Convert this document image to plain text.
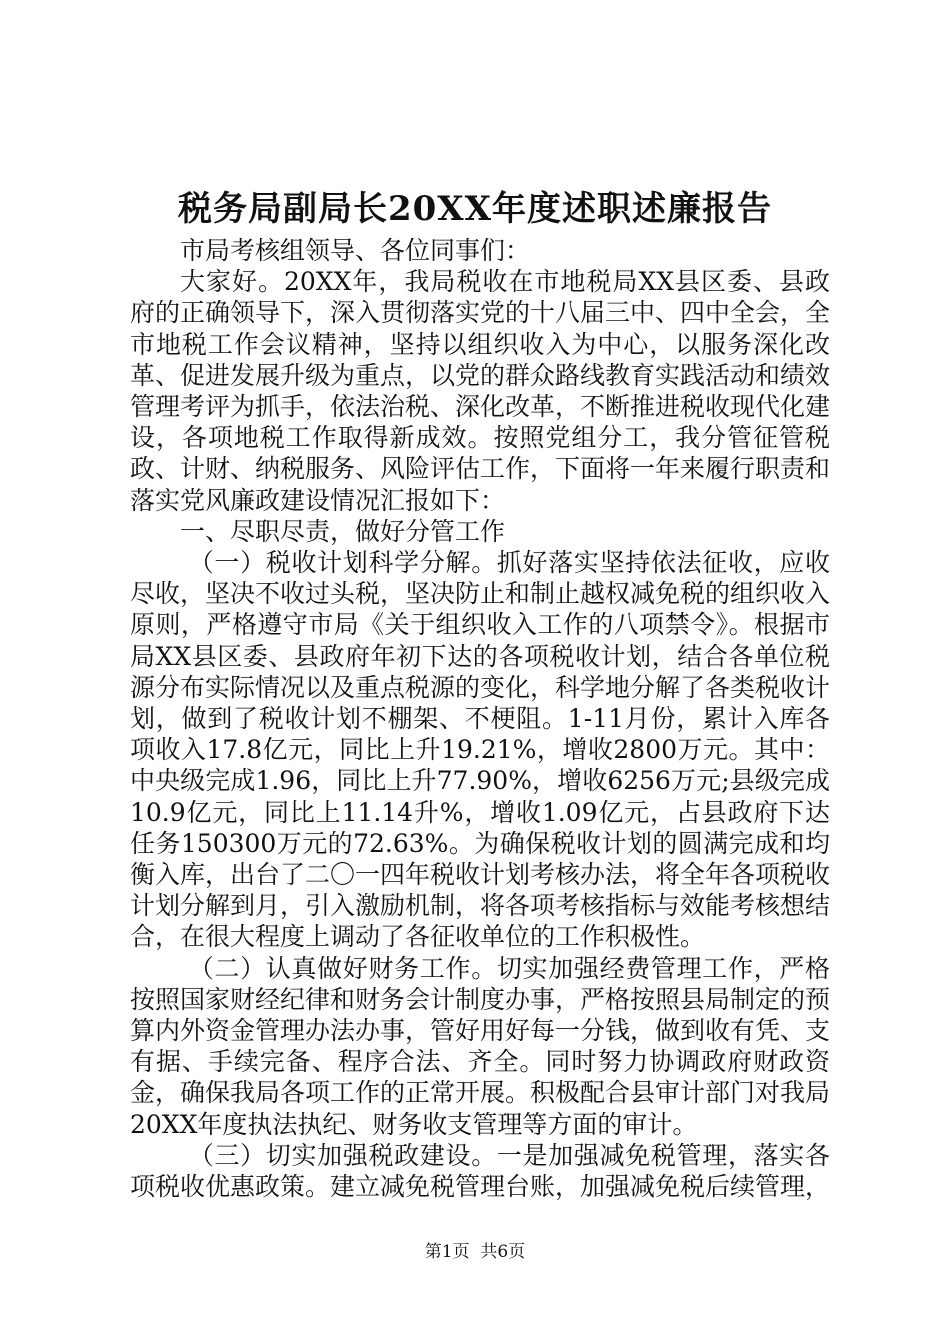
税务局副局长20XX年度述职述廉报告

市局考核组领导、各位同事们：

大家好。20XX年，我局税收在市地税局XX县区委、县政府的正确领导下，深入贯彻落实党的十八届三中、四中全会，全市地税工作会议精神，坚持以组织收入为中心，以服务深化改革、促进发展升级为重点，以党的群众路线教育实践活动和绩效管理考评为抓手，依法治税、深化改革，不断推进税收现代化建设，各项地税工作取得新成效。按照党组分工，我分管征管税政、计财、纳税服务、风险评估工作，下面将一年来履行职责和落实党风廉政建设情况汇报如下：

一、尽职尽责，做好分管工作

（一）税收计划科学分解。抓好落实坚持依法征收，应收尽收，坚决不收过头税，坚决防止和制止越权减免税的组织收入原则，严格遵守市局《关于组织收入工作的八项禁令》。根据市局XX县区委、县政府年初下达的各项税收计划，结合各单位税源分布实际情况以及重点税源的变化，科学地分解了各类税收计划，做到了税收计划不棚架、不梗阻。1-11月份，累计入库各项收入17.8亿元，同比上升19.21%，增收2800万元。其中：中央级完成1.96，同比上升77.90%，增收6256万元;县级完成10.9亿元，同比上11.14升%，增收1.09亿元，占县政府下达任务150300万元的72.63%。为确保税收计划的圆满完成和均衡入库，出台了二〇一四年税收计划考核办法，将全年各项税收计划分解到月，引入激励机制，将各项考核指标与效能考核想结合，在很大程度上调动了各征收单位的工作积极性。

（二）认真做好财务工作。切实加强经费管理工作，严格按照国家财经纪律和财务会计制度办事，严格按照县局制定的预算内外资金管理办法办事，管好用好每一分钱，做到收有凭、支有据、手续完备、程序合法、齐全。同时努力协调政府财政资金，确保我局各项工作的正常开展。积极配合县审计部门对我局20XX年度执法执纪、财务收支管理等方面的审计。

（三）切实加强税政建设。一是加强减免税管理，落实各项税收优惠政策。建立减免税管理台账，加强减免税后续管理，

第1页  共6页
